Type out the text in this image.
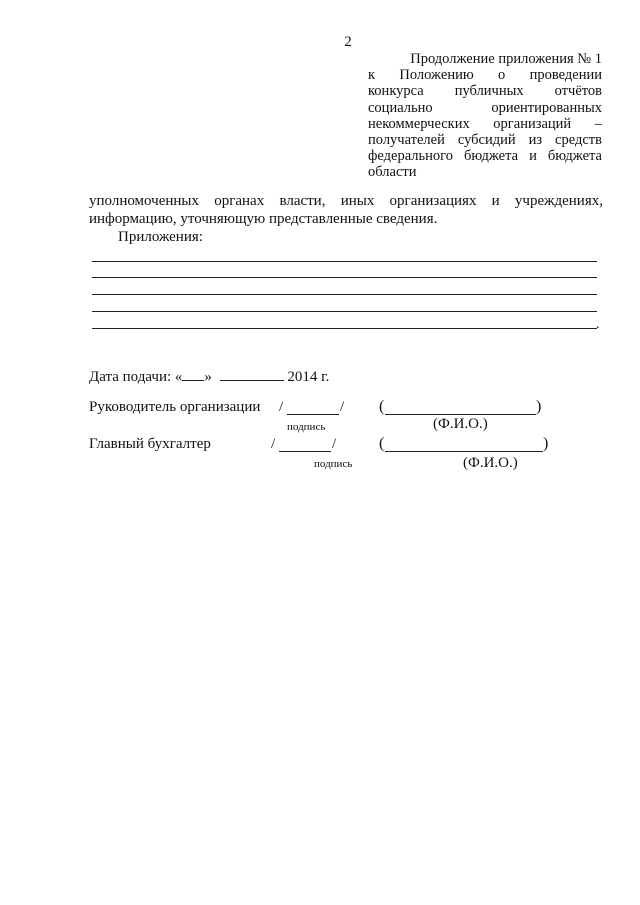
2
Продолжение приложения № 1
к Положению о проведении
конкурса публичных отчётов
социально ориентированных
некоммерческих организаций –
получателей субсидий из средств
федерального бюджета и бюджета
области
уполномоченных органах власти, иных организациях и учреждениях,
информацию, уточняющую представленные сведения.
Приложения:
.
Дата подачи: « »	2014 г.
Руководитель организации /	/ (	)
подпись	(Ф.И.О.)
Главный бухгалтер	/	/	(	)
подпись	(Ф.И.О.)
